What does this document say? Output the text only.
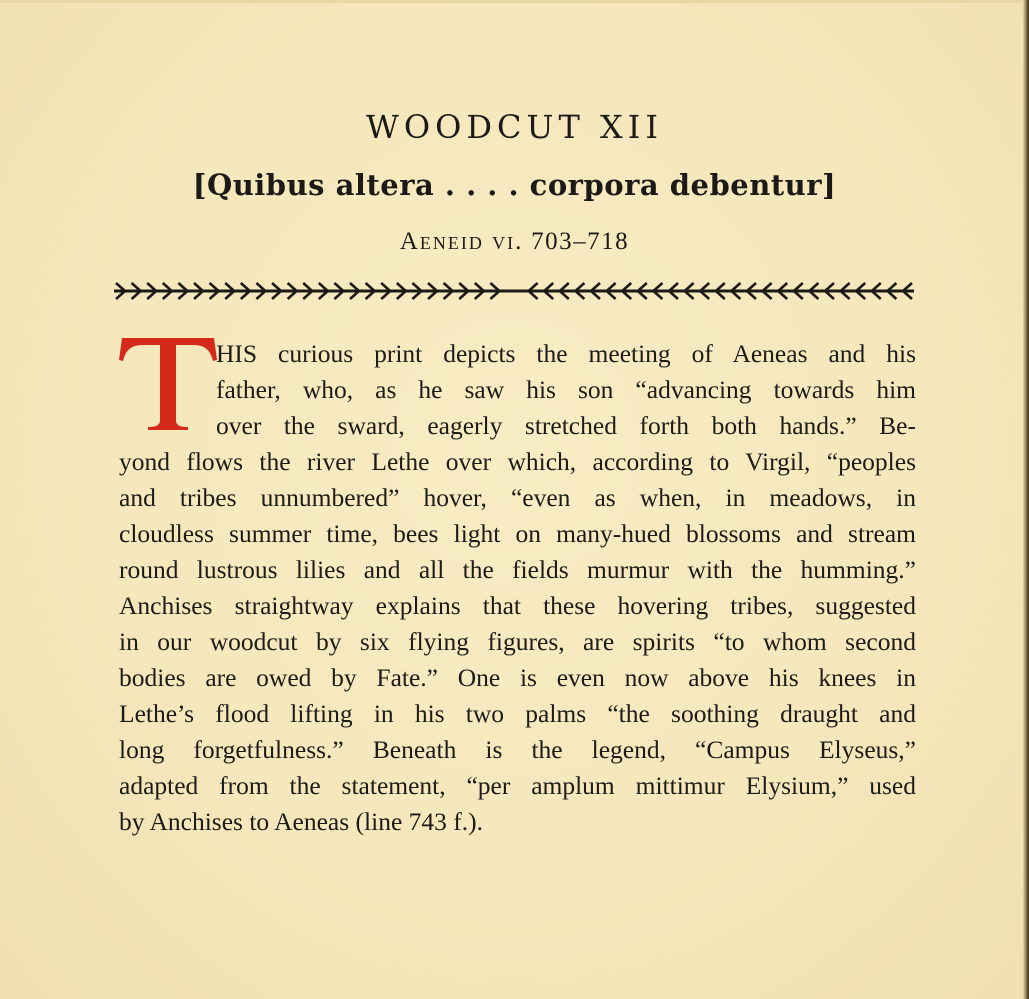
WOODCUT XII
[Quibus altera . . . . corpora debentur]
Aeneid vi. 703–718
HIS curious print depicts the meeting of Aeneas and his
father, who, as he saw his son “advancing towards him
over the sward, eagerly stretched forth both hands.” Be-
yond flows the river Lethe over which, according to Virgil, “peoples
and tribes unnumbered” hover, “even as when, in meadows, in
cloudless summer time, bees light on many-hued blossoms and stream
round lustrous lilies and all the fields murmur with the humming.”
Anchises straightway explains that these hovering tribes, suggested
in our woodcut by six flying figures, are spirits “to whom second
bodies are owed by Fate.” One is even now above his knees in
Lethe’s flood lifting in his two palms “the soothing draught and
long forgetfulness.” Beneath is the legend, “Campus Elyseus,”
adapted from the statement, “per amplum mittimur Elysium,” used
by Anchises to Aeneas (line 743 f.).
